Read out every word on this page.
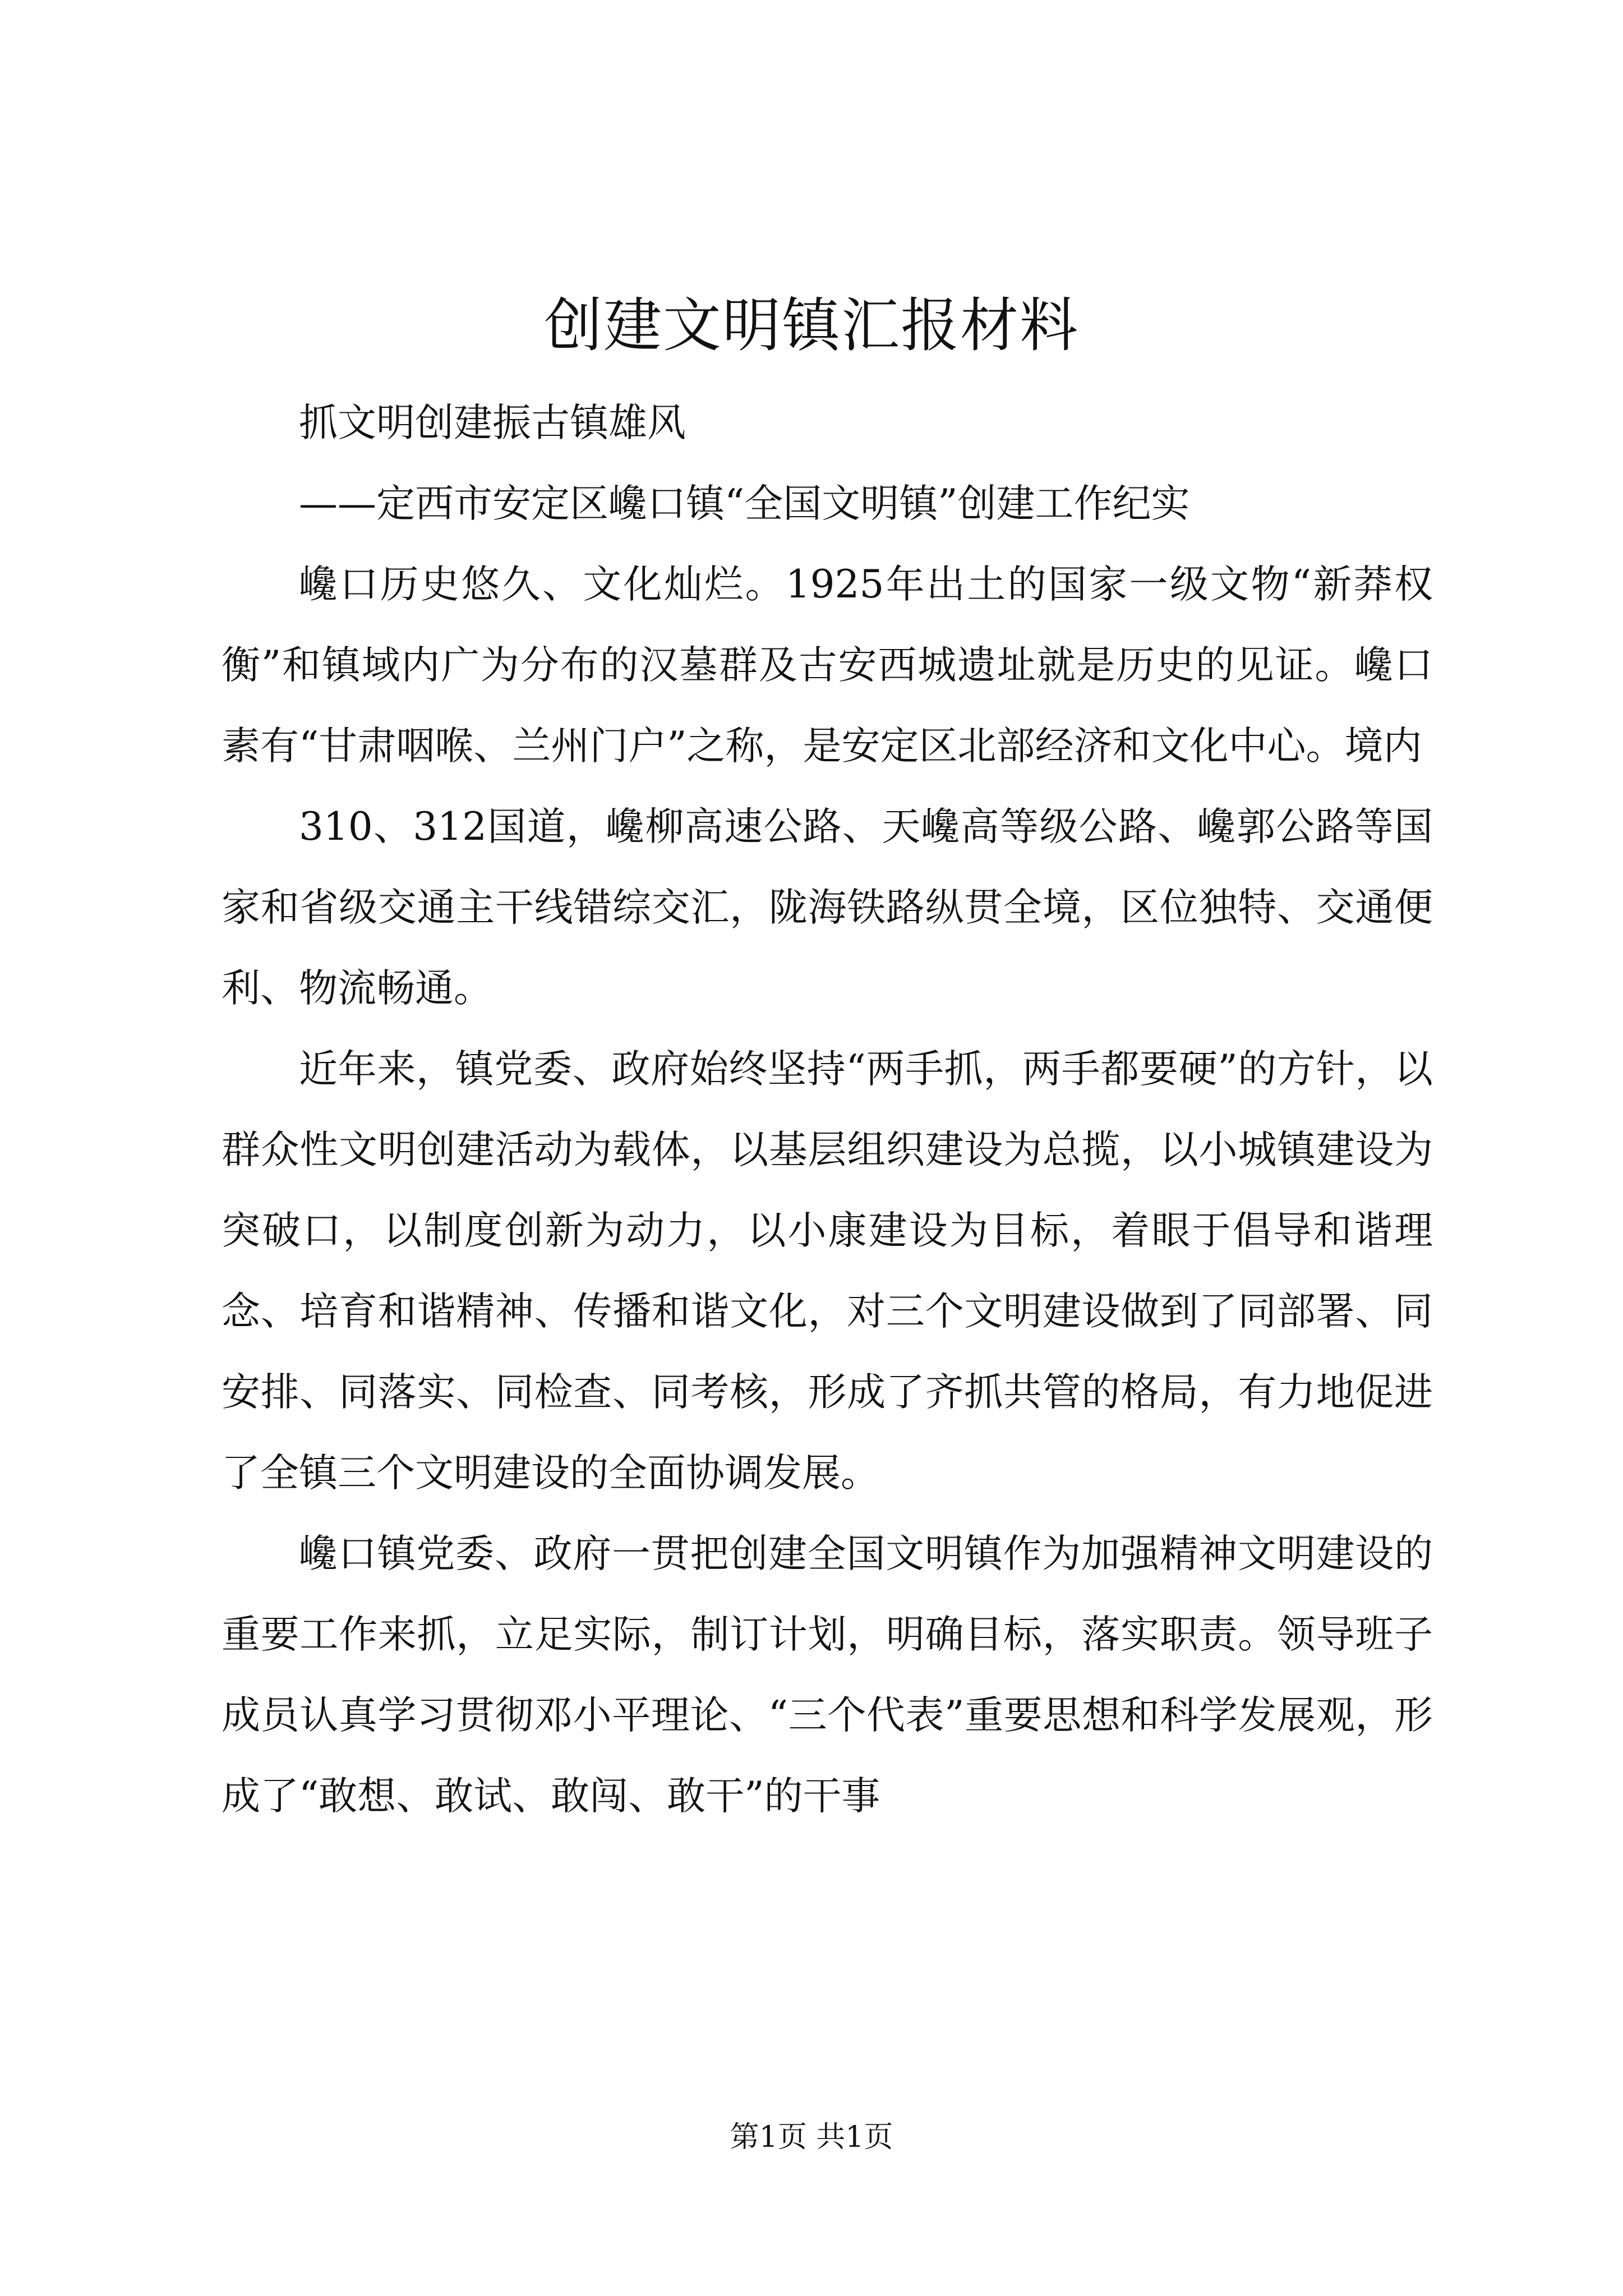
创建文明镇汇报材料

抓文明创建振古镇雄风

——定西市安定区巉口镇“全国文明镇”创建工作纪实

巉口历史悠久、文化灿烂。1925年出土的国家一级文物“新莽权衡”和镇域内广为分布的汉墓群及古安西城遗址就是历史的见证。巉口素有“甘肃咽喉、兰州门户”之称，是安定区北部经济和文化中心。境内

310、312国道，巉柳高速公路、天巉高等级公路、巉郭公路等国家和省级交通主干线错综交汇，陇海铁路纵贯全境，区位独特、交通便利、物流畅通。

近年来，镇党委、政府始终坚持“两手抓，两手都要硬”的方针，以群众性文明创建活动为载体，以基层组织建设为总揽，以小城镇建设为突破口，以制度创新为动力，以小康建设为目标，着眼于倡导和谐理念、培育和谐精神、传播和谐文化，对三个文明建设做到了同部署、同安排、同落实、同检查、同考核，形成了齐抓共管的格局，有力地促进了全镇三个文明建设的全面协调发展。

巉口镇党委、政府一贯把创建全国文明镇作为加强精神文明建设的重要工作来抓，立足实际，制订计划，明确目标，落实职责。领导班子成员认真学习贯彻邓小平理论、“三个代表”重要思想和科学发展观，形成了“敢想、敢试、敢闯、敢干”的干事

第1页 共1页
